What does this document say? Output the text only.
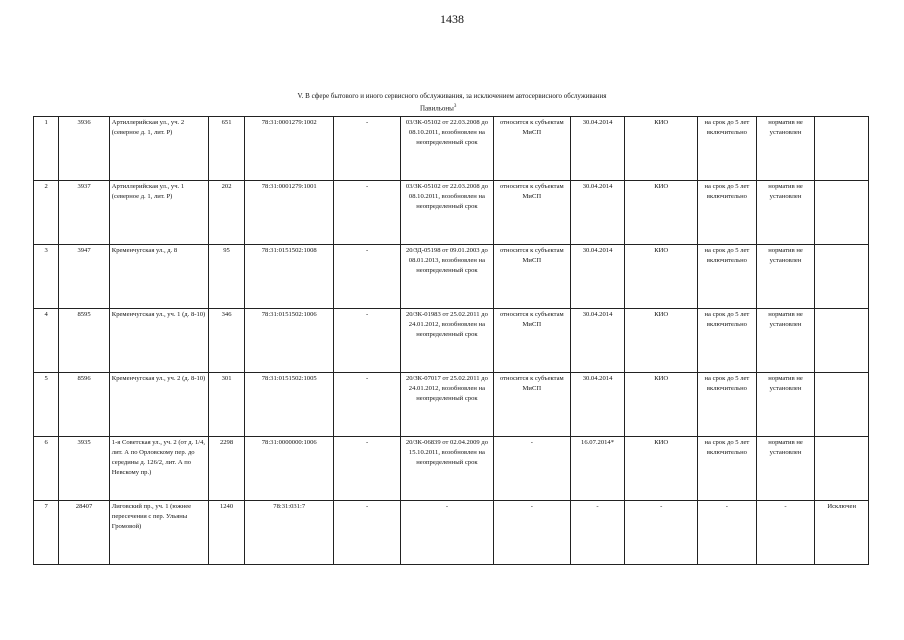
1438
V. В сфере бытового и иного сервисного обслуживания, за исключением автосервисного обслуживания
Павильоны$^3$
1	3936	Артиллерийская ул., уч. 2 (северное д. 1, лит. Р)	651	78:31:0001279:1002	-	03/ЗК-05102 от 22.03.2008 до 08.10.2011, возобновлен на неопределенный срок	относится к субъектам МиСП	30.04.2014	КИО	на срок до 5 лет включительно	норматив не установлен	
2	3937	Артиллерийская ул., уч. 1 (северное д. 1, лит. Р)	202	78:31:0001279:1001	-	03/ЗК-05102 от 22.03.2008 до 08.10.2011, возобновлен на неопределенный срок	относится к субъектам МиСП	30.04.2014	КИО	на срок до 5 лет включительно	норматив не установлен	
3	3947	Кременчугская ул., д. 8	95	78:31:0151502:1008	-	20/ЗД-05198 от 09.01.2003 до 08.01.2013, возобновлен на неопределенный срок	относится к субъектам МиСП	30.04.2014	КИО	на срок до 5 лет включительно	норматив не установлен	
4	8595	Кременчугская ул., уч. 1 (д. 8-10)	346	78:31:0151502:1006	-	20/ЗК-01983 от 25.02.2011 до 24.01.2012, возобновлен на неопределенный срок	относится к субъектам МиСП	30.04.2014	КИО	на срок до 5 лет включительно	норматив не установлен	
5	8596	Кременчугская ул., уч. 2 (д. 8-10)	301	78:31:0151502:1005	-	20/ЗК-07017 от 25.02.2011 до 24.01.2012, возобновлен на неопределенный срок	относится к субъектам МиСП	30.04.2014	КИО	на срок до 5 лет включительно	норматив не установлен	
6	3935	1-я Советская ул., уч. 2 (от д. 1/4, лит. А по Орловскому пер. до середины д. 126/2, лит. А по Невскому пр.)	2298	78:31:0000000:1006	-	20/ЗК-06839 от 02.04.2009 до 15.10.2011, возобновлен на неопределенный срок	-	16.07.2014*	КИО	на срок до 5 лет включительно	норматив не установлен	
7	28407	Лиговский пр., уч. 1 (южнее пересечения с пер. Ульяны Громовой)	1240	78:31:031:7	-	-	-	-	-	-	-	Исключен
